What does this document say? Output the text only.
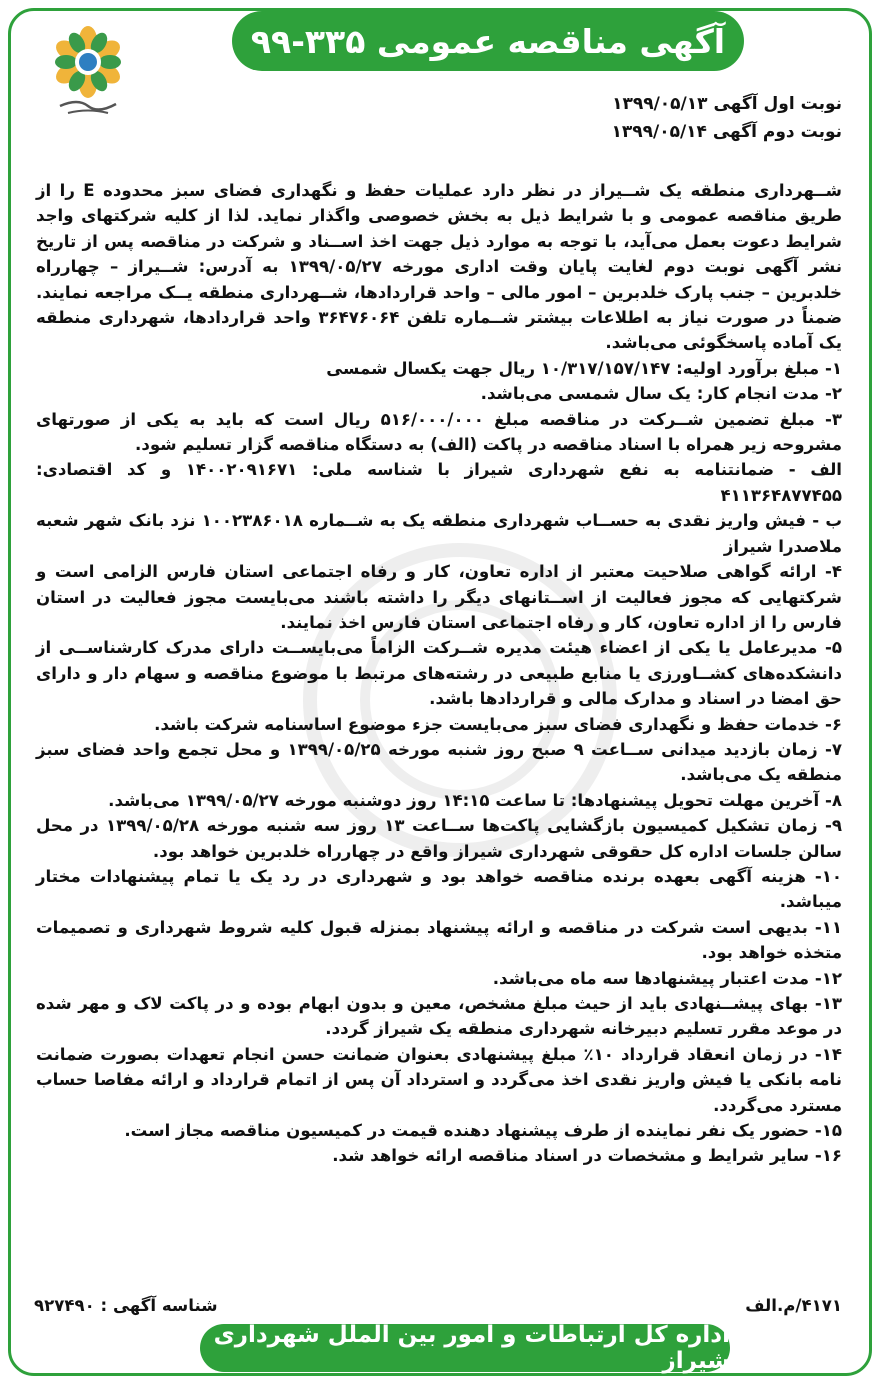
آگهی مناقصه عمومی ۳۳۵-۹۹
نوبت اول آگهی ۱۳۹۹/۰۵/۱۳
نوبت دوم آگهی ۱۳۹۹/۰۵/۱۴

شــهرداری منطقه یک شــیراز در نظر دارد عملیات حفظ و نگهداری فضای سبز محدوده E را از طریق مناقصه عمومی و با شرایط ذیل به بخش خصوصی واگذار نماید. لذا از کلیه شرکتهای واجد شرایط دعوت بعمل می‌آید، با توجه به موارد ذیل جهت اخذ اســناد و شرکت در مناقصه پس از تاریخ نشر آگهی نوبت دوم لغایت پایان وقت اداری مورخه ۱۳۹۹/۰۵/۲۷ به آدرس: شــیراز – چهارراه خلدبرین – جنب پارک خلدبرین – امور مالی – واحد قراردادها، شــهرداری منطقه یــک مراجعه نمایند. ضمناً در صورت نیاز به اطلاعات بیشتر شــماره تلفن ۳۶۴۷۶۰۶۴ واحد قراردادها، شهرداری منطقه یک آماده پاسخگوئی می‌باشد.

۱- مبلغ برآورد اولیه: ۱۰/۳۱۷/۱۵۷/۱۴۷ ریال جهت یکسال شمسی

۲- مدت انجام کار: یک سال شمسی می‌باشد.

۳- مبلغ تضمین شــرکت در مناقصه مبلغ ۵۱۶/۰۰۰/۰۰۰ ریال است که باید به یکی از صورتهای مشروحه زیر همراه با اسناد مناقصه در پاکت (الف) به دستگاه مناقصه گزار تسلیم شود.

الف - ضمانتنامه به نفع شهرداری شیراز با شناسه ملی: ۱۴۰۰۲۰۹۱۶۷۱ و کد اقتصادی: ۴۱۱۳۶۴۸۷۷۴۵۵

ب - فیش واریز نقدی به حســاب شهرداری منطقه یک به شــماره ۱۰۰۲۳۸۶۰۱۸ نزد بانک شهر شعبه ملاصدرا شیراز

۴- ارائه گواهی صلاحیت معتبر از اداره تعاون، کار و رفاه اجتماعی استان فارس الزامی است و شرکتهایی که مجوز فعالیت از اســتانهای دیگر را داشته باشند می‌بایست مجوز فعالیت در استان فارس را از اداره تعاون، کار و رفاه اجتماعی استان فارس اخذ نمایند.

۵- مدیرعامل یا یکی از اعضاء هیئت مدیره شــرکت الزاماً می‌بایســت دارای مدرک کارشناســی از دانشکده‌های کشــاورزی یا منابع طبیعی در رشته‌های مرتبط با موضوع مناقصه و سهام دار و دارای حق امضا در اسناد و مدارک مالی و قراردادها باشد.

۶- خدمات حفظ و نگهداری فضای سبز می‌بایست جزء موضوع اساسنامه شرکت باشد.

۷- زمان بازدید میدانی ســاعت ۹ صبح روز شنبه مورخه ۱۳۹۹/۰۵/۲۵ و محل تجمع واحد فضای سبز منطقه یک می‌باشد.

۸- آخرین مهلت تحویل پیشنهادها: تا ساعت ۱۴:۱۵ روز دوشنبه مورخه ۱۳۹۹/۰۵/۲۷ می‌باشد.

۹- زمان تشکیل کمیسیون بازگشایی پاکت‌ها ســاعت ۱۳ روز سه شنبه مورخه ۱۳۹۹/۰۵/۲۸ در محل سالن جلسات اداره کل حقوقی شهرداری شیراز واقع در چهارراه خلدبرین خواهد بود.

۱۰- هزینه آگهی بعهده برنده مناقصه خواهد بود و شهرداری در رد یک یا تمام پیشنهادات مختار میباشد.

۱۱- بدیهی است شرکت در مناقصه و ارائه پیشنهاد بمنزله قبول کلیه شروط شهرداری و تصمیمات متخذه خواهد بود.

۱۲- مدت اعتبار پیشنهادها سه ماه می‌باشد.

۱۳- بهای پیشــنهادی باید از حیث مبلغ مشخص، معین و بدون ابهام بوده و در پاکت لاک و مهر شده در موعد مقرر تسلیم دبیرخانه شهرداری منطقه یک شیراز گردد.

۱۴- در زمان انعقاد قرارداد ۱۰٪ مبلغ پیشنهادی بعنوان ضمانت حسن انجام تعهدات بصورت ضمانت نامه بانکی یا فیش واریز نقدی اخذ می‌گردد و استرداد آن پس از اتمام قرارداد و ارائه مفاصا حساب مسترد می‌گردد.

۱۵- حضور یک نفر نماینده از طرف پیشنهاد دهنده قیمت در کمیسیون مناقصه مجاز است.

۱۶- سایر شرایط و مشخصات در اسناد مناقصه ارائه خواهد شد.

۴۱۷۱/م.الف
شناسه آگهی : ۹۲۷۴۹۰
اداره کل ارتباطات و امور بین الملل شهرداری شیراز
